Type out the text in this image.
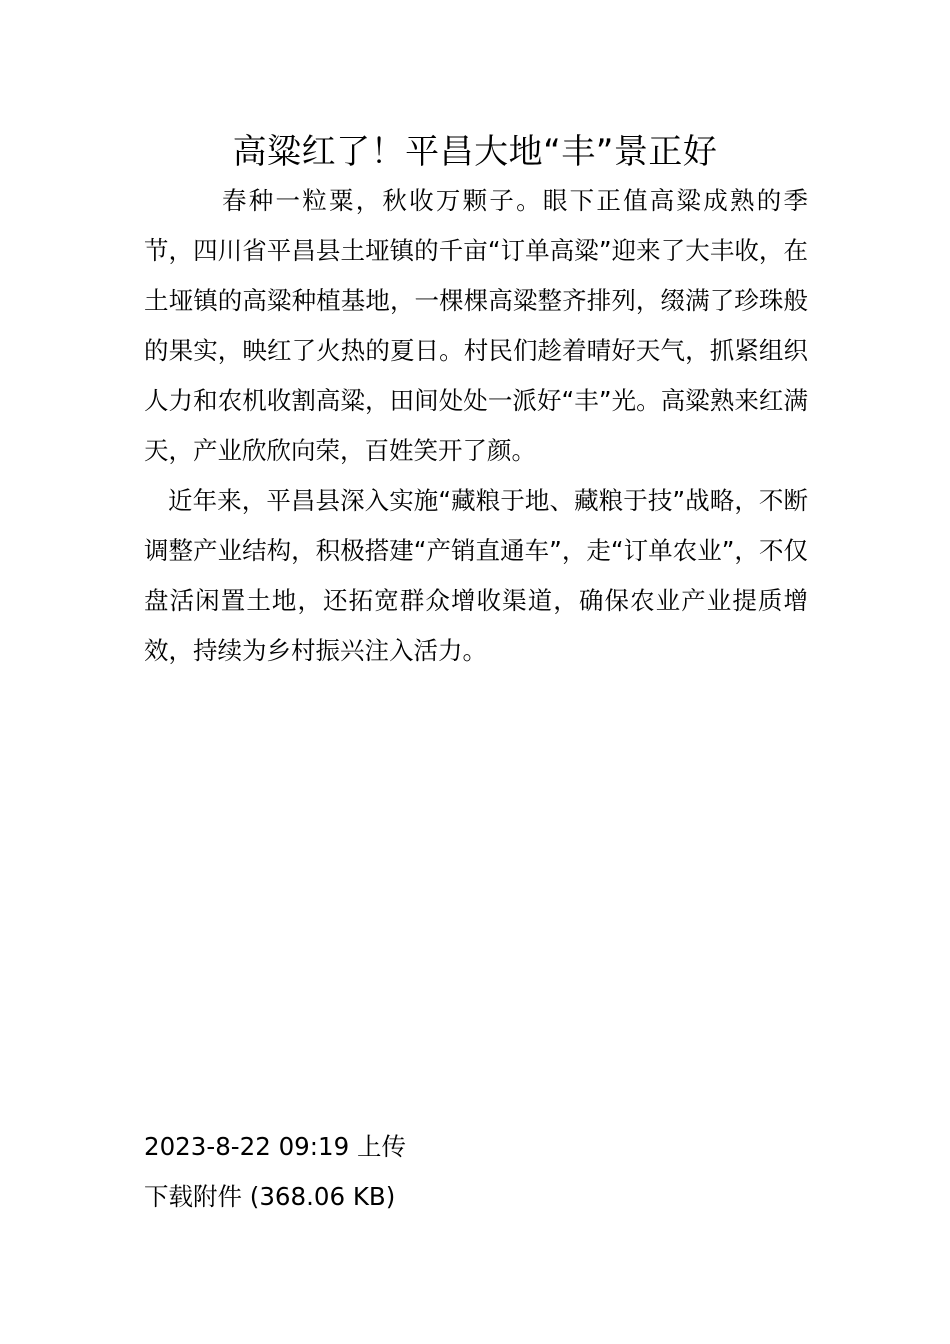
高粱红了！平昌大地“丰”景正好

春种一粒粟，秋收万颗子。眼下正值高粱成熟的季节，四川省平昌县土垭镇的千亩“订单高粱”迎来了大丰收，在土垭镇的高粱种植基地，一棵棵高粱整齐排列，缀满了珍珠般的果实，映红了火热的夏日。村民们趁着晴好天气，抓紧组织人力和农机收割高粱，田间处处一派好“丰”光。高粱熟来红满天，产业欣欣向荣，百姓笑开了颜。

近年来，平昌县深入实施“藏粮于地、藏粮于技”战略，不断调整产业结构，积极搭建“产销直通车”，走“订单农业”，不仅盘活闲置土地，还拓宽群众增收渠道，确保农业产业提质增效，持续为乡村振兴注入活力。

2023-8-22 09:19 上传
下载附件 (368.06 KB)
